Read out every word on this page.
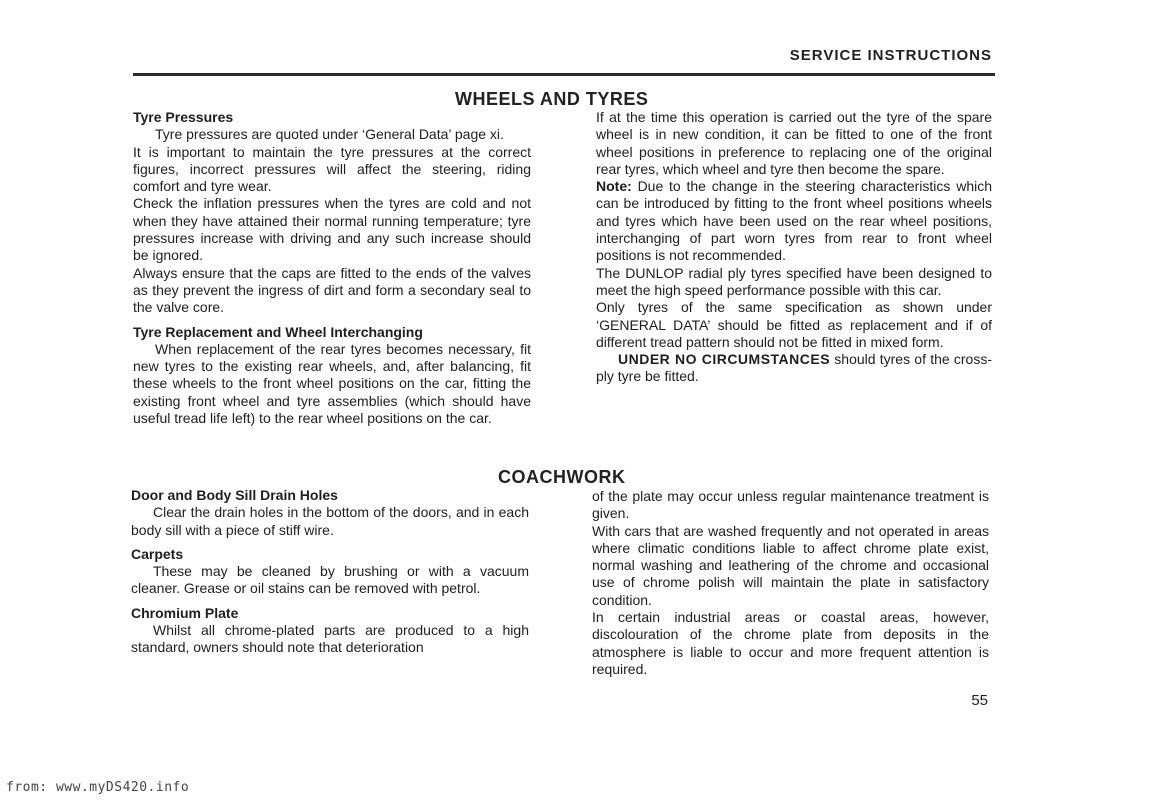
SERVICE INSTRUCTIONS
WHEELS AND TYRES
Tyre Pressures

Tyre pressures are quoted under ‘General Data’ page xi.

It is important to maintain the tyre pressures at the correct figures, incorrect pressures will affect the steering, riding comfort and tyre wear.

Check the inflation pressures when the tyres are cold and not when they have attained their normal running temperature; tyre pressures increase with driving and any such increase should be ignored.

Always ensure that the caps are fitted to the ends of the valves as they prevent the ingress of dirt and form a secondary seal to the valve core.

Tyre Replacement and Wheel Interchanging

When replacement of the rear tyres becomes necessary, fit new tyres to the existing rear wheels, and, after balancing, fit these wheels to the front wheel positions on the car, fitting the existing front wheel and tyre assemblies (which should have useful tread life left) to the rear wheel positions on the car.

If at the time this operation is carried out the tyre of the spare wheel is in new condition, it can be fitted to one of the front wheel positions in preference to replacing one of the original rear tyres, which wheel and tyre then become the spare.

Note: Due to the change in the steering characteristics which can be introduced by fitting to the front wheel positions wheels and tyres which have been used on the rear wheel positions, interchanging of part worn tyres from rear to front wheel positions is not recommended.

The DUNLOP radial ply tyres specified have been designed to meet the high speed performance possible with this car.

Only tyres of the same specification as shown under ‘GENERAL DATA’ should be fitted as replacement and if of different tread pattern should not be fitted in mixed form.

UNDER NO CIRCUMSTANCES should tyres of the cross-ply tyre be fitted.

COACHWORK
Door and Body Sill Drain Holes

Clear the drain holes in the bottom of the doors, and in each body sill with a piece of stiff wire.

Carpets

These may be cleaned by brushing or with a vacuum cleaner. Grease or oil stains can be removed with petrol.

Chromium Plate

Whilst all chrome-plated parts are produced to a high standard, owners should note that deterioration

of the plate may occur unless regular maintenance treatment is given.

With cars that are washed frequently and not operated in areas where climatic conditions liable to affect chrome plate exist, normal washing and leathering of the chrome and occasional use of chrome polish will maintain the plate in satisfactory condition.

In certain industrial areas or coastal areas, however, discolouration of the chrome plate from deposits in the atmosphere is liable to occur and more frequent attention is required.

55
from: www.myDS420.info
